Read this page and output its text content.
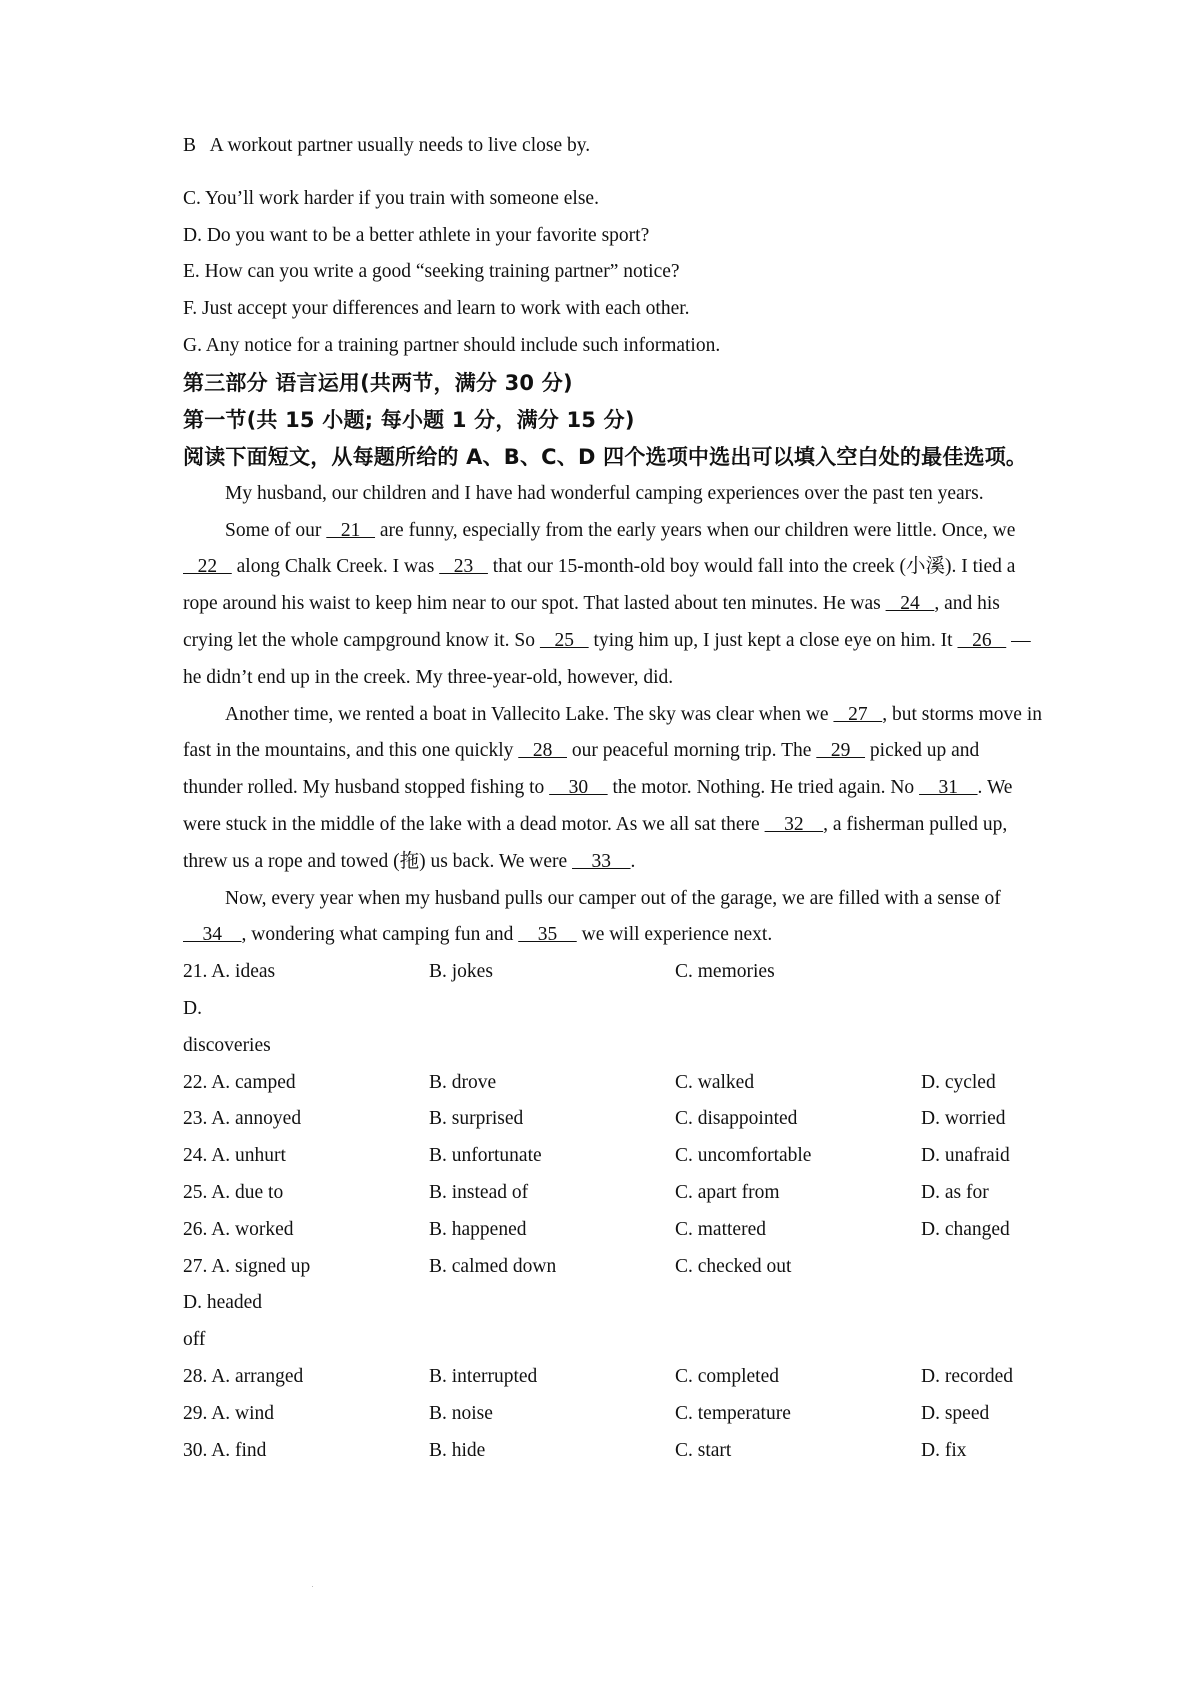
B A workout partner usually needs to live close by.
C. You’ll work harder if you train with someone else.
D. Do you want to be a better athlete in your favorite sport?
E. How can you write a good “seeking training partner” notice?
F. Just accept your differences and learn to work with each other.
G. Any notice for a training partner should include such information.
第三部分 语言运用(共两节，满分 30 分)
第一节(共 15 小题; 每小题 1 分，满分 15 分)
阅读下面短文，从每题所给的 A、B、C、D 四个选项中选出可以填入空白处的最佳选项。

My husband, our children and I have had wonderful camping experiences over the past ten years.

Some of our    21    are funny, especially from the early years when our children were little. Once, we    22    along Chalk Creek. I was    23    that our 15-month-old boy would fall into the creek (小溪). I tied a rope around his waist to keep him near to our spot. That lasted about ten minutes. He was    24   , and his crying let the whole campground know it. So    25    tying him up, I just kept a close eye on him. It    26    — he didn’t end up in the creek. My three-year-old, however, did.

Another time, we rented a boat in Vallecito Lake. The sky was clear when we    27   , but storms move in fast in the mountains, and this one quickly    28    our peaceful morning trip. The    29    picked up and thunder rolled. My husband stopped fishing to     30     the motor. Nothing. He tried again. No     31    . We were stuck in the middle of the lake with a dead motor. As we all sat there     32    , a fisherman pulled up, threw us a rope and towed (拖) us back. We were     33    .

Now, every year when my husband pulls our camper out of the garage, we are filled with a sense of     34    , wondering what camping fun and     35     we will experience next.

21. A. ideas	B. jokes	C. memories
D.
discoveries
22. A. camped	B. drove	C. walked	D. cycled
23. A. annoyed	B. surprised	C. disappointed	D. worried
24. A. unhurt	B. unfortunate	C. uncomfortable	D. unafraid
25. A. due to	B. instead of	C. apart from	D. as for
26. A. worked	B. happened	C. mattered	D. changed
27. A. signed up	B. calmed down	C. checked out
D. headed
off
28. A. arranged	B. interrupted	C. completed	D. recorded
29. A. wind	B. noise	C. temperature	D. speed
30. A. find	B. hide	C. start	D. fix
